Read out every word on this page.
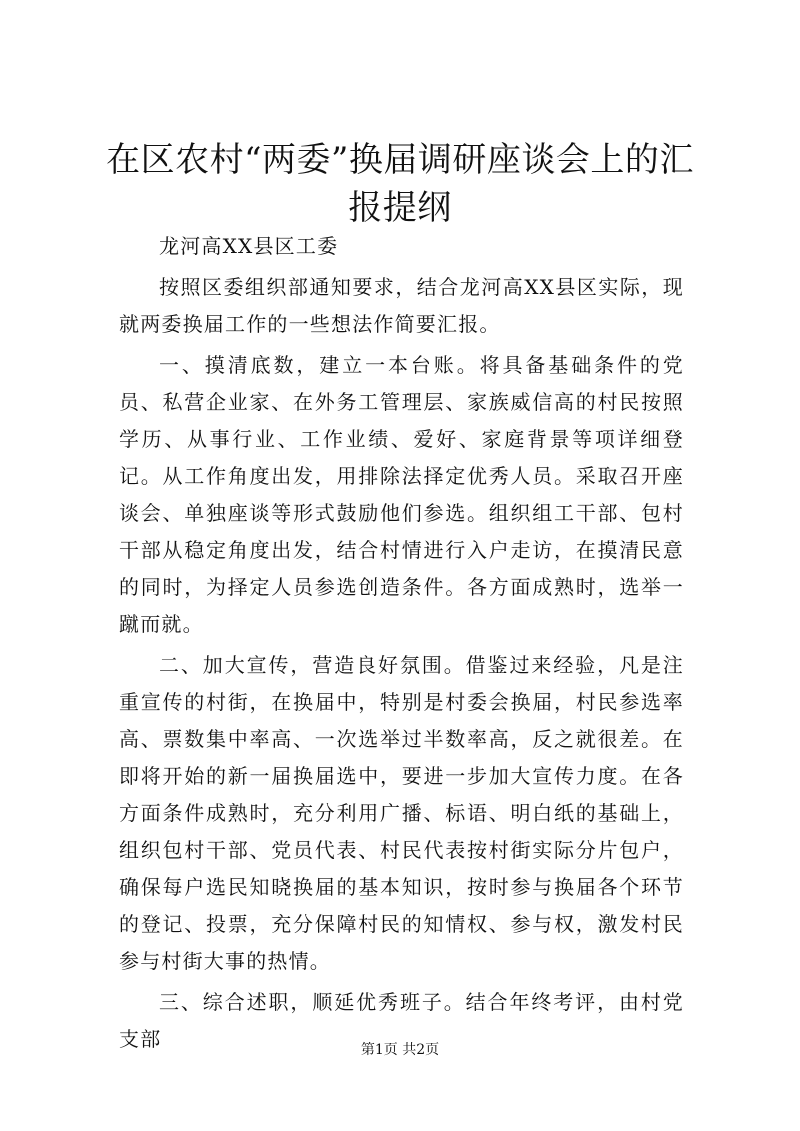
在区农村“两委”换届调研座谈会上的汇报提纲

龙河高XX县区工委

按照区委组织部通知要求，结合龙河高XX县区实际，现就两委换届工作的一些想法作简要汇报。

一、摸清底数，建立一本台账。将具备基础条件的党员、私营企业家、在外务工管理层、家族威信高的村民按照学历、从事行业、工作业绩、爱好、家庭背景等项详细登记。从工作角度出发，用排除法择定优秀人员。采取召开座谈会、单独座谈等形式鼓励他们参选。组织组工干部、包村干部从稳定角度出发，结合村情进行入户走访，在摸清民意的同时，为择定人员参选创造条件。各方面成熟时，选举一蹴而就。

二、加大宣传，营造良好氛围。借鉴过来经验，凡是注重宣传的村街，在换届中，特别是村委会换届，村民参选率高、票数集中率高、一次选举过半数率高，反之就很差。在即将开始的新一届换届选中，要进一步加大宣传力度。在各方面条件成熟时，充分利用广播、标语、明白纸的基础上，组织包村干部、党员代表、村民代表按村街实际分片包户，确保每户选民知晓换届的基本知识，按时参与换届各个环节的登记、投票，充分保障村民的知情权、参与权，激发村民参与村街大事的热情。

三、综合述职，顺延优秀班子。结合年终考评，由村党支部	第1页 共2页
